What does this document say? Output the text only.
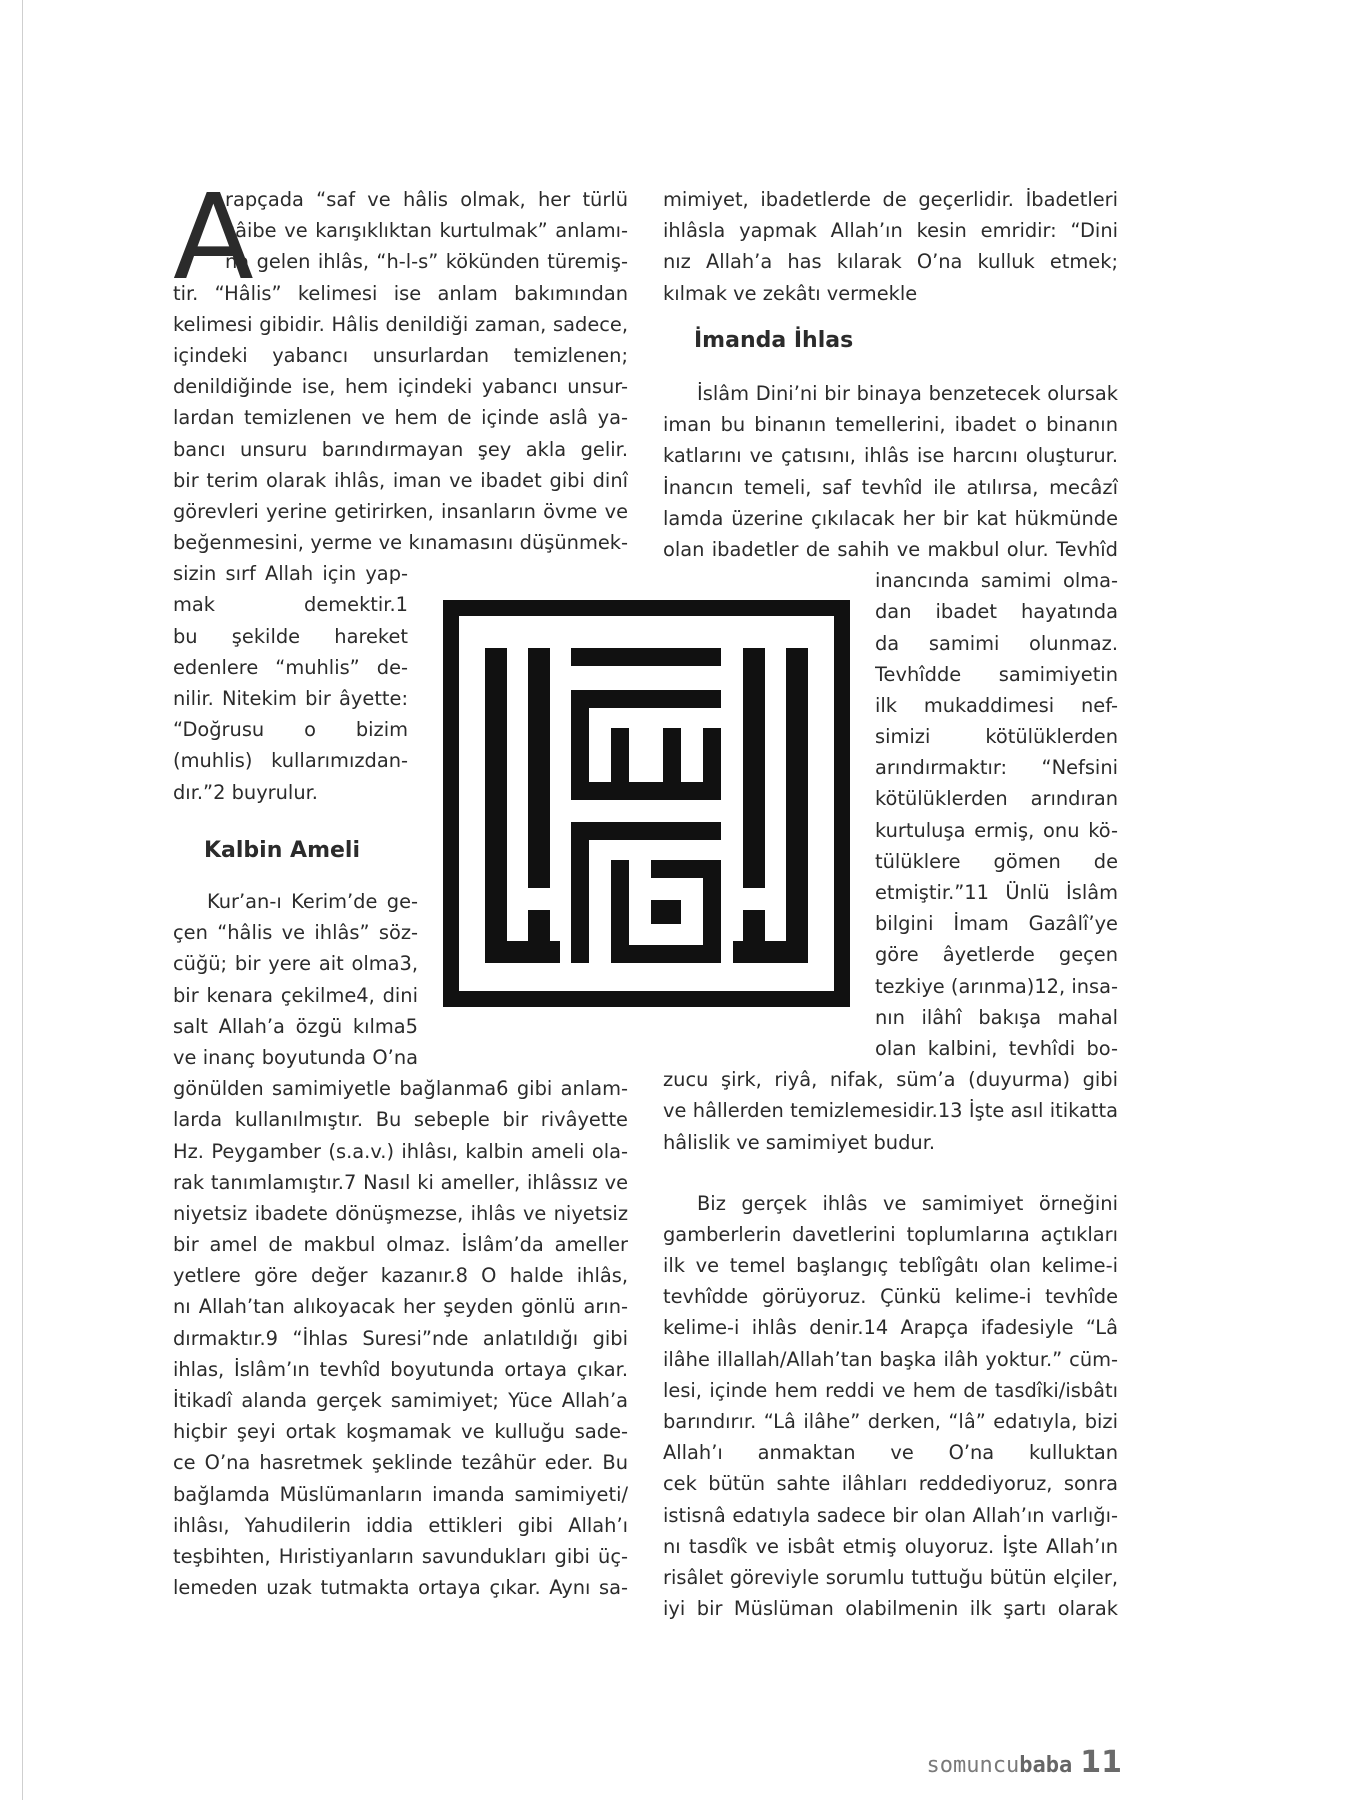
A
rapçada “saf ve hâlis olmak, her türlü
şâibe ve karışıklıktan kurtulmak” anlamı-
na gelen ihlâs, “h-l-s” kökünden türemiş-
tir. “Hâlis” kelimesi ise anlam bakımından
kelimesi gibidir. Hâlis denildiği zaman, sadece,
içindeki yabancı unsurlardan temizlenen;
denildiğinde ise, hem içindeki yabancı unsur-
lardan temizlenen ve hem de içinde aslâ ya-
bancı unsuru barındırmayan şey akla gelir.
bir terim olarak ihlâs, iman ve ibadet gibi dinî
görevleri yerine getirirken, insanların övme ve
beğenmesini, yerme ve kınamasını düşünmek-
sizin sırf Allah için yap-
mak demektir.1
bu şekilde hareket
edenlere “muhlis” de-
nilir. Nitekim bir âyette:
“Doğrusu o bizim
(muhlis) kullarımızdan-
dır.”2 buyrulur.
Kalbin Ameli
Kur’an-ı Kerim’de ge-
çen “hâlis ve ihlâs” söz-
cüğü; bir yere ait olma3,
bir kenara çekilme4, dini
salt Allah’a özgü kılma5
ve inanç boyutunda O’na
gönülden samimiyetle bağlanma6 gibi anlam-
larda kullanılmıştır. Bu sebeple bir rivâyette
Hz. Peygamber (s.a.v.) ihlâsı, kalbin ameli ola-
rak tanımlamıştır.7 Nasıl ki ameller, ihlâssız ve
niyetsiz ibadete dönüşmezse, ihlâs ve niyetsiz
bir amel de makbul olmaz. İslâm’da ameller
yetlere göre değer kazanır.8 O halde ihlâs,
nı Allah’tan alıkoyacak her şeyden gönlü arın-
dırmaktır.9 “İhlas Suresi”nde anlatıldığı gibi
ihlas, İslâm’ın tevhîd boyutunda ortaya çıkar.
İtikadî alanda gerçek samimiyet; Yüce Allah’a
hiçbir şeyi ortak koşmamak ve kulluğu sade-
ce O’na hasretmek şeklinde tezâhür eder. Bu
bağlamda Müslümanların imanda samimiyeti/
ihlâsı, Yahudilerin iddia ettikleri gibi Allah’ı
teşbihten, Hıristiyanların savundukları gibi üç-
lemeden uzak tutmakta ortaya çıkar. Aynı sa-
mimiyet, ibadetlerde de geçerlidir. İbadetleri
ihlâsla yapmak Allah’ın kesin emridir: “Dini
nız Allah’a has kılarak O’na kulluk etmek;
kılmak ve zekâtı vermekle
İmanda İhlas
İslâm Dini’ni bir binaya benzetecek olursak
iman bu binanın temellerini, ibadet o binanın
katlarını ve çatısını, ihlâs ise harcını oluşturur.
İnancın temeli, saf tevhîd ile atılırsa, mecâzî
lamda üzerine çıkılacak her bir kat hükmünde
olan ibadetler de sahih ve makbul olur. Tevhîd
inancında samimi olma-
dan ibadet hayatında
da samimi olunmaz.
Tevhîdde samimiyetin
ilk mukaddimesi nef-
simizi kötülüklerden
arındırmaktır: “Nefsini
kötülüklerden arındıran
kurtuluşa ermiş, onu kö-
tülüklere gömen de
etmiştir.”11 Ünlü İslâm
bilgini İmam Gazâlî’ye
göre âyetlerde geçen
tezkiye (arınma)12, insa-
nın ilâhî bakışa mahal
olan kalbini, tevhîdi bo-
zucu şirk, riyâ, nifak, süm’a (duyurma) gibi
ve hâllerden temizlemesidir.13 İşte asıl itikatta
hâlislik ve samimiyet budur.
Biz gerçek ihlâs ve samimiyet örneğini
gamberlerin davetlerini toplumlarına açtıkları
ilk ve temel başlangıç teblîgâtı olan kelime-i
tevhîdde görüyoruz. Çünkü kelime-i tevhîde
kelime-i ihlâs denir.14 Arapça ifadesiyle “Lâ
ilâhe illallah/Allah’tan başka ilâh yoktur.” cüm-
lesi, içinde hem reddi ve hem de tasdîki/isbâtı
barındırır. “Lâ ilâhe” derken, “lâ” edatıyla, bizi
Allah’ı anmaktan ve O’na kulluktan
cek bütün sahte ilâhları reddediyoruz, sonra
istisnâ edatıyla sadece bir olan Allah’ın varlığı-
nı tasdîk ve isbât etmiş oluyoruz. İşte Allah’ın
risâlet göreviyle sorumlu tuttuğu bütün elçiler,
iyi bir Müslüman olabilmenin ilk şartı olarak
somuncubaba 11
